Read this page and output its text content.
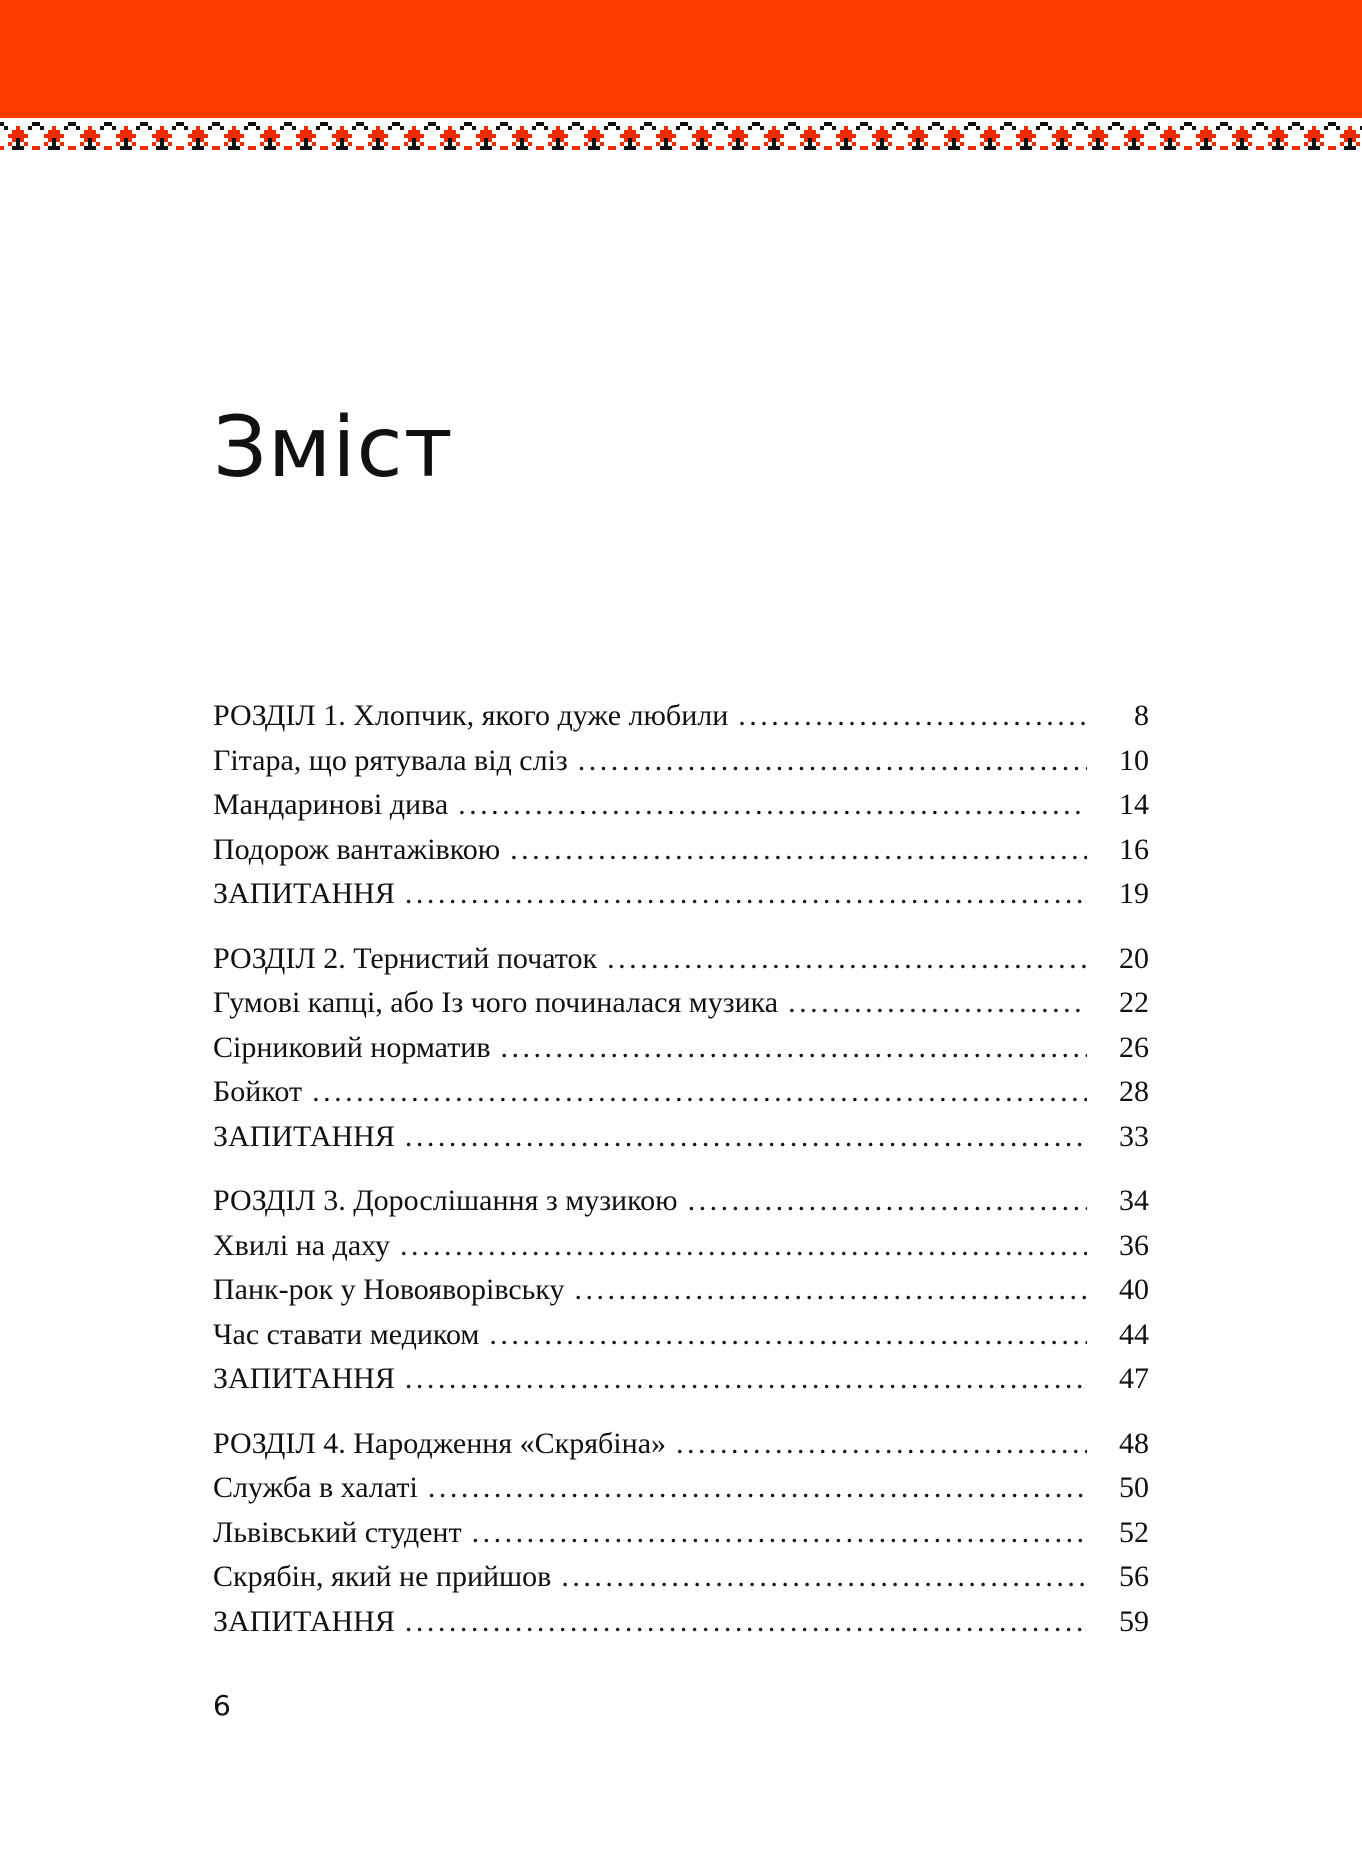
Зміст
РОЗДІЛ 1. Хлопчик, якого дуже любили . . .	8
Гітара, що рятувала від сліз . . .	10
Мандаринові дива . . .	14
Подорож вантажівкою . . .	16
ЗАПИТАННЯ . . .	19
РОЗДІЛ 2. Тернистий початок . . .	20
Гумові капці, або Із чого починалася музика . . .	22
Сірниковий норматив . . .	26
Бойкот . . .	28
ЗАПИТАННЯ . . .	33
РОЗДІЛ 3. Дорослішання з музикою . . .	34
Хвилі на даху . . .	36
Панк-рок у Новояворівську . . .	40
Час ставати медиком . . .	44
ЗАПИТАННЯ . . .	47
РОЗДІЛ 4. Народження «Скрябіна» . . .	48
Служба в халаті . . .	50
Львівський студент . . .	52
Скрябін, який не прийшов . . .	56
ЗАПИТАННЯ . . .	59
6
